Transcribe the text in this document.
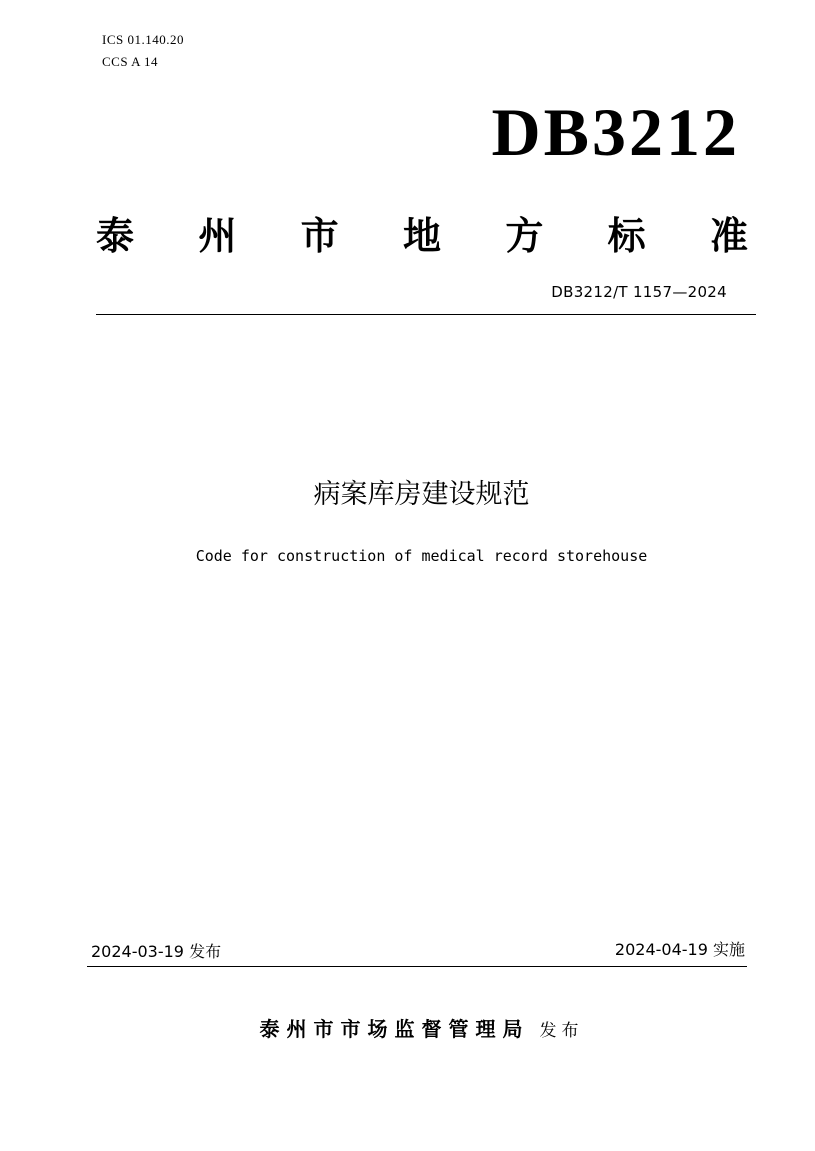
ICS 01.140.20
CCS A 14
DB3212
泰 州 市 地 方 标 准
DB3212/T 1157—2024
病案库房建设规范
Code for construction of medical record storehouse
2024-03-19 发布	2024-04-19 实施
泰州市市场监督管理局 发布
